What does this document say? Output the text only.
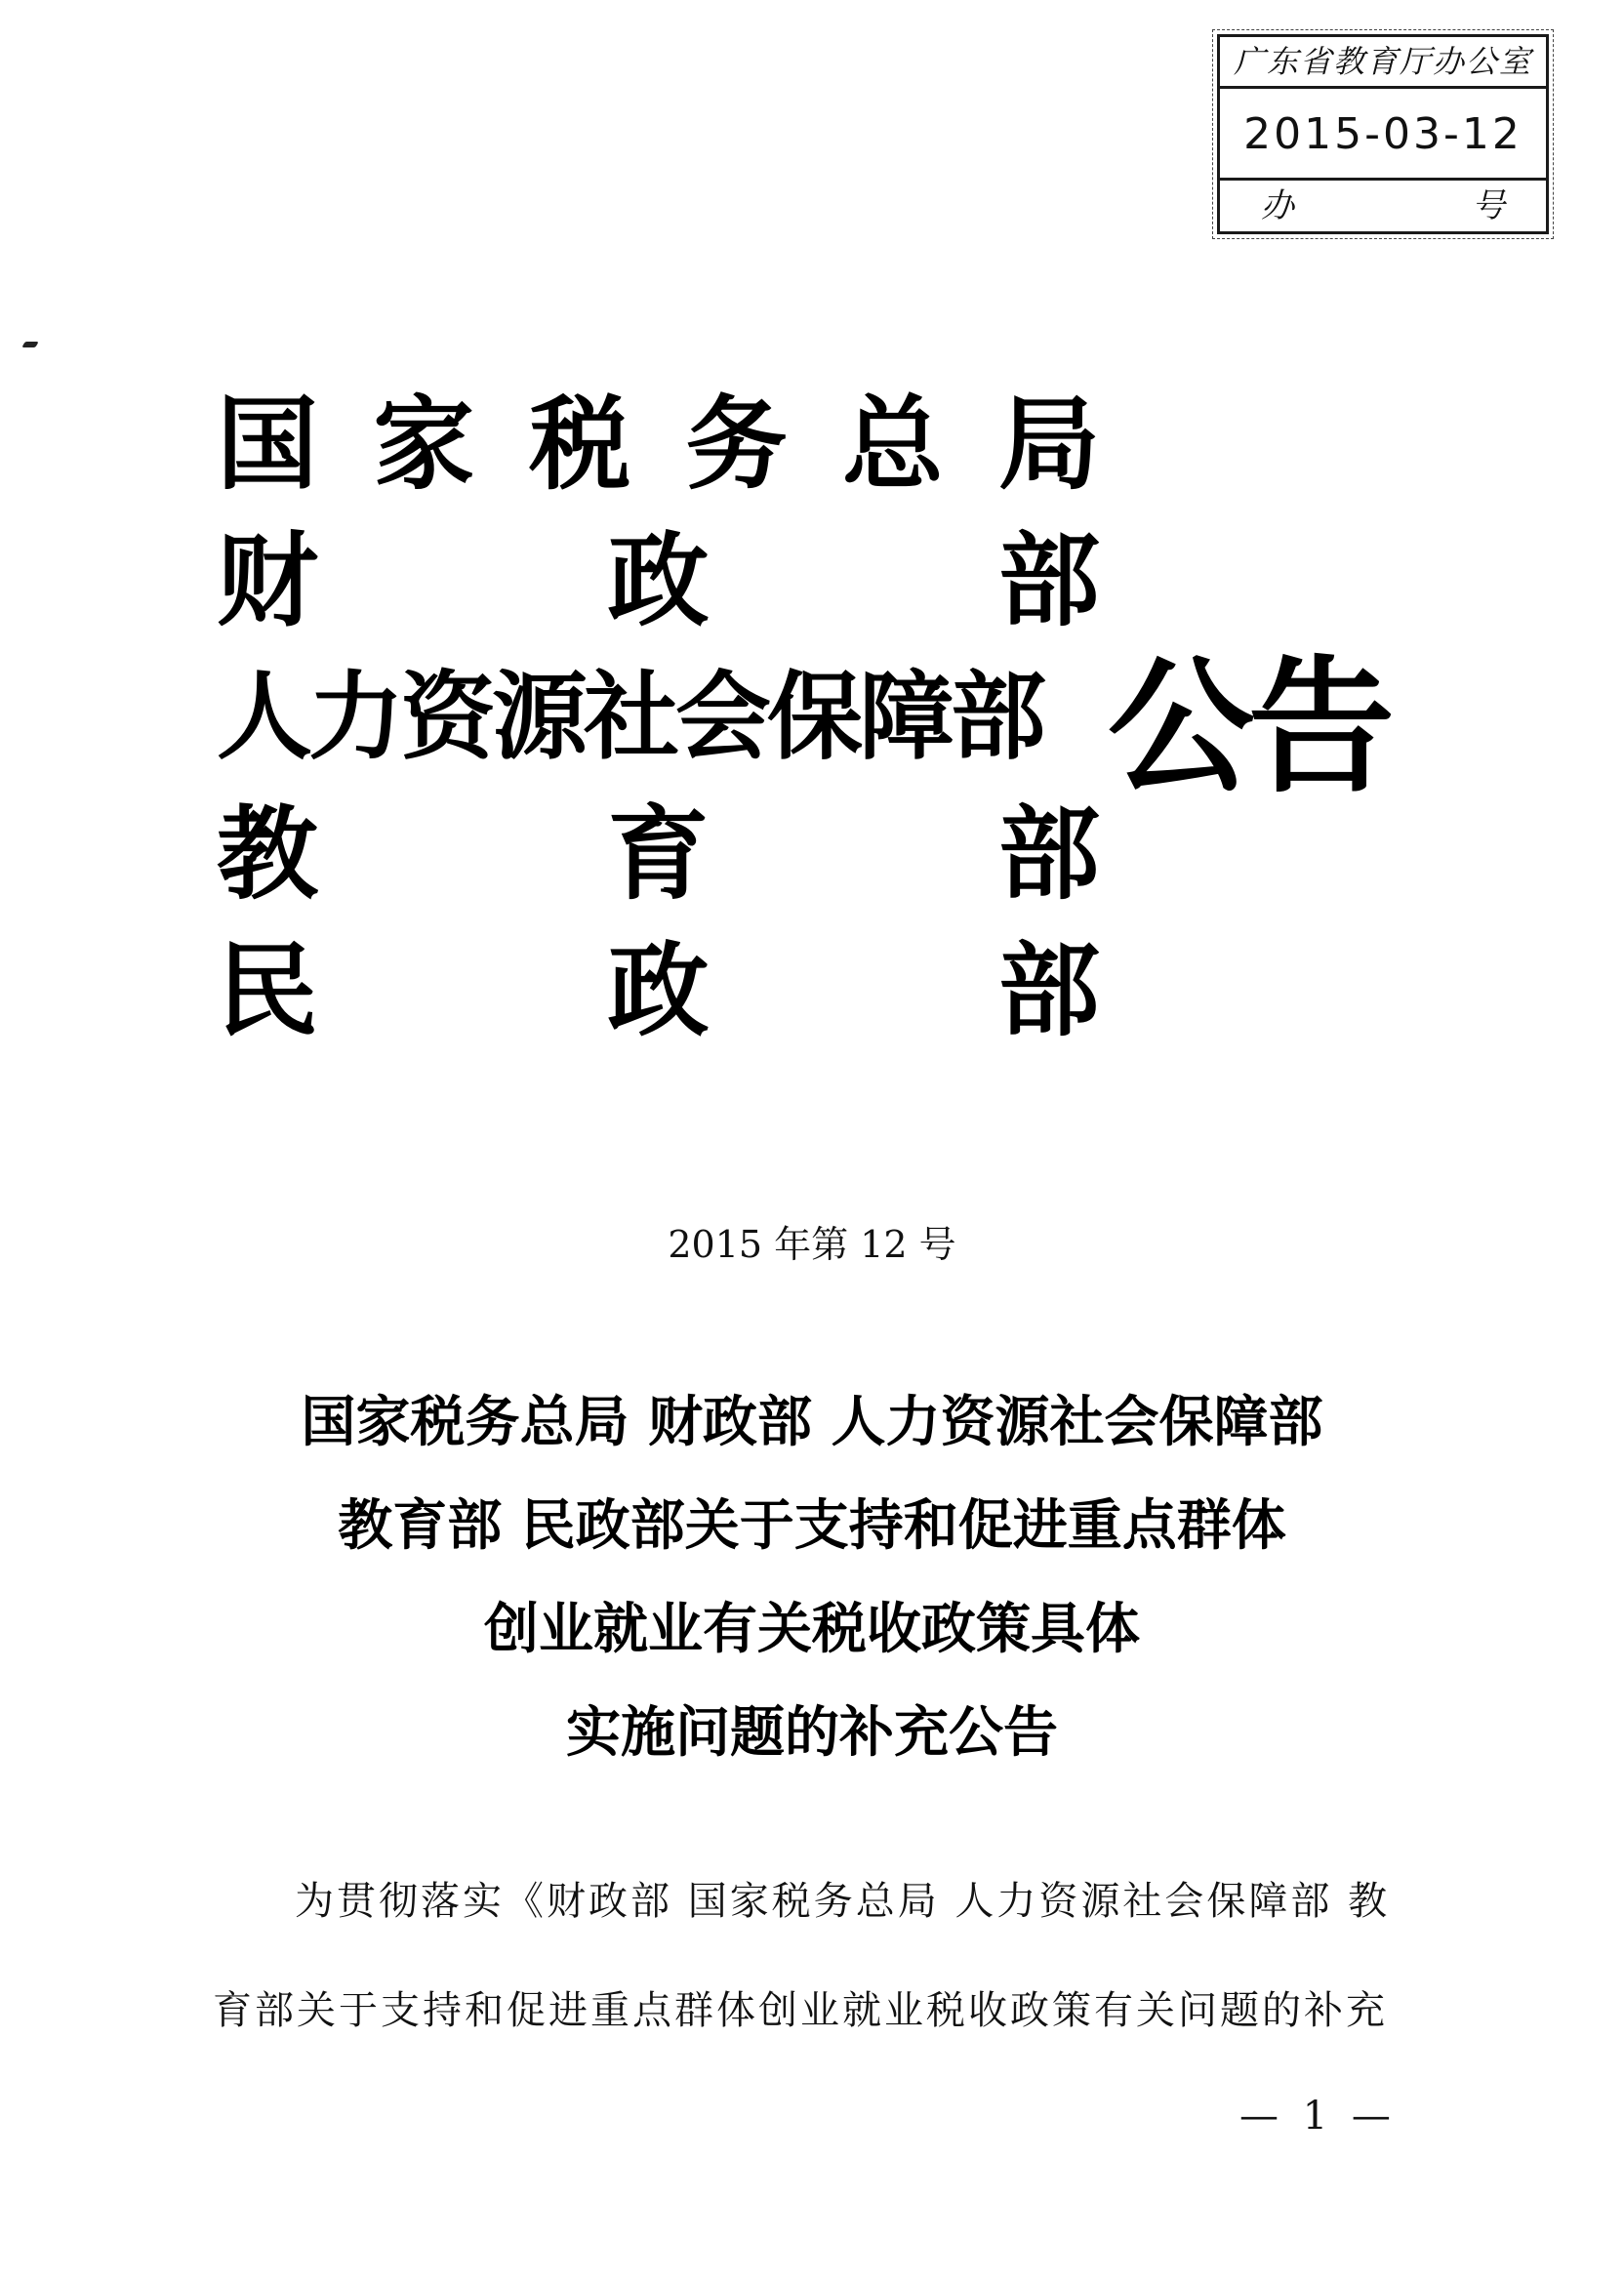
广东省教育厅办公室
2015-03-12
办	号
国 家 税 务 总 局
财	政	部
人力资源社会保障部
教	育	部
民	政	部
公告
2015 年第 12 号
国家税务总局 财政部 人力资源社会保障部
教育部 民政部关于支持和促进重点群体
创业就业有关税收政策具体
实施问题的补充公告
为贯彻落实《财政部 国家税务总局 人力资源社会保障部 教
育部关于支持和促进重点群体创业就业税收政策有关问题的补充
— 1 —
